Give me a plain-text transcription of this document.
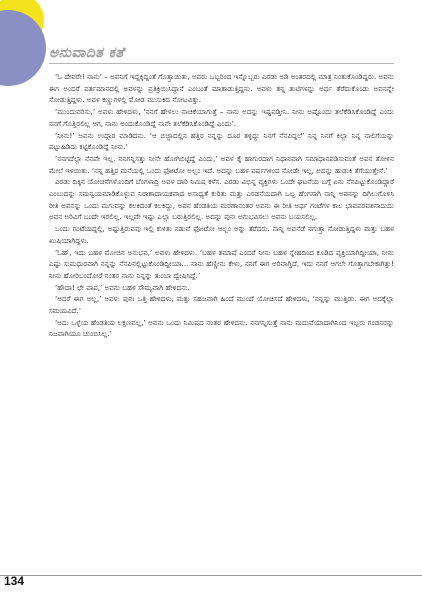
ಅನುವಾದಿತ ಕತೆ

‘ಓ ದೇವರೇ! ನಾನು’ – ಅವನಿಗೆ ಇದ್ದಕ್ಕಿದ್ದಂತೆ ಗೊತ್ತಾಯಿತು, ಅವರು ಒಬ್ಬರಿಂದ ಇನ್ನೊಬ್ಬರು ಎರಡು ಅಡಿ ಅಂತರದಲ್ಲಿ ಮಾತ್ರ ನಿಂತುಕೊಂಡಿದ್ದರು. ಅವನು ಈಗ ಅಂದರೆ ವರ್ತಮಾನದಲ್ಲಿ ಅವಳನ್ನು ಪ್ರತಿಕ್ರಿಯಿಸಿದ್ದಾನೆ ಎಂಬಂತೆ ಮಾತಾಡುತ್ತಿದ್ದನು. ಅವಳು ತನ್ನ ತುಟಿಗಳನ್ನು ಅರ್ಧ ತೆರೆದುಕೊಂಡು ಅವನನ್ನೇ ನೋಡುತ್ತಿದ್ದಳು. ಅವಳ ಕಣ್ಣುಗಳಲ್ಲಿ ಮೋಡ ಮುಸುಕಿದ ನೋಟವಿತ್ತು.

‘ಮುಂದುವರಿಸು,’ ಅವಳು ಹೇಳಿದಳು, ‘ನನಗೆ ಹೇಳಲು ನಾಚಿಕೆಯಾಗುತ್ತೆ – ನಾನು ಅದನ್ನು ಇಷ್ಟಪಡ್ತೀನಿ. ನೀನು ಅಷ್ಟೊಂದು ತಲೆಕೆಡಿಸಿಕೊಂಡಿದ್ದೆ ಎಂದು ನನಗೆ ಗೊತ್ತಿರಲಿಲ್ಲ ಆಗ, ನಾನು ಅಂದುಕೊಂಡಿದ್ದೆ ನಾನೇ ತಲೆಕೆಡಿಸಿಕೊಂಡಿದ್ದೆ ಎಂದು’.

‘ನೀನು!’ ಅವನು ಉದ್ಗಾರ ಮಾಡಿದನು. ‘ಆ ಬಿಜ್ಜಾದಲ್ಲಿನ ಹತ್ತಿರ ನನ್ನನ್ನು ದೂರ ತಳ್ಳಿದ್ದು ನಿನಗೆ ನೆನಪಿದ್ದಲೆ’ ನಿನ್ನ ನಿನಗೆ ಕಿಲ್ಲಾ ನಿನ್ನ ನಾಲಿಗೆಯನ್ನು ಪಟ್ಟುಹಿಡಿದು ಕಟ್ಟಿಕೊಂಡಿದ್ದೆ ನೀನು.’

‘ನನಗದೆಲ್ಲಾ ನೆನಪೇ ಇಲ್ಲ. ನನಗನ್ನಿಸತ್ತು ನೀನೇ ಹೋಗಿಬಿಟ್ಟಿದ್ದೆ ಎಂದು,’ ಅವಳ ಕೈ ಹಾಗುರದಾಗ ನಿಧಾನವಾಗಿ ಸಮಾಧಾನಪಡಿಸುವಂತೆ ಅವನ ತೋಳಿನ ಮೇಲೆ ಇಳಿಯಿತು. ‘ನನ್ನ ಹತ್ತಿರ ಮನೆಯಲ್ಲಿ ಒಂದು ಫೋಟೋ ಅಲ್ಬಂ ಇದೆ. ಅದನ್ನು ಬಹಳ ವರ್ಷಗಳಿಂದ ನೋಡೇ ಇಲ್ಲ, ಅದನ್ನು ಹುಡುಕಿ ತೆಗೆಯುತ್ತೇನೆ.’

ಎರಡು ದಿಕ್ಕಿನ ಯೋಚನೆಗಳೊಂದಿಗೆ ಬೆಂಗಳಾದ್ರಿ ಅವಳ ದಾರಿ ನಿಮಿಷ ಕಳೆಸ. ಎರಡು ವಿಭಿನ್ನ ವ್ಯಕ್ತಿಗಳು ಒಂದೇ ಘಟನೆಯ ಬಗ್ಗೆ ಏನು ನೆನಪಿಟ್ಟುಕೊಂಡಿದ್ದಾರೆ ಎಂಬುದನ್ನು ಸಮನ್ವಯಮಾಡಿಕೊಳ್ಳುವ ನಿರಾಶಾದಾಯಕವಾದ ಅಸಾಧ್ಯತೆ ಕುರಿತು ಮತ್ತು ಎರಡನೆಯದಾಗಿ ಒಬ್ಬ ಹೆಂಗಸಾಗಿ ನಾನ್ನಿ ಅವನನ್ನು ದಿಗಿಲುಗೊಳಿಸಿ ರೀತಿ ಅವನನ್ನು ಒಂದು ಮಗುವನ್ನು ಕಲಕಿದಂತೆ ಕಲಕಿದ್ದು, ಅವನ ಹೆಂಡತಿಯ ಮರಣಾನಂತರ ಅವನು ಈ ರೀತಿ ಅರ್ಧ ಗಂಟೆಗಳ ಕಾಲ ಭಾವಪರವಶನಾದುದು ಅವನ ಅರಿವಿಗೆ ಬಂದೇ ಇರಲಿಲ್ಲ. ಇಲ್ಲವೇ ಇಷ್ಟು ಎಲ್ಲಾ ಬರುತ್ತಿರಲಿಲ್ಲ. ಅದನ್ನು ಪುನಃ ಅನುಭವಿಸಲು ಅವನು ಬಯಸಲಿಲ್ಲ.

ಒಂದು ಗಂಟೆಯದ್ದಲ್ಲಿ, ಅಷ್ಟುತ್ತಿರುವವು ಇಲ್ಲಿ ಕುಳಿತು ನಡುವೆ ಫೋಟೋ ಆಲ್ಬಂ ಅನ್ನು ತೆರೆದರು. ನಾನ್ನಿ ಅವನೆಡೆ ನಗುತ್ತಾ ನೋಡುತ್ತಿದ್ದಳು ಮತ್ತು ಬಹಳ ಖುಷಿಯಾಗಿದ್ದಳು.

‘ಓಹ್, ಇದು ಬಹಳ ಮೋಜಿನ ಅನುಭವ,’ ಅವಳು ಹೇಳಿದಳು. ‘ಬಹಳ ತಮಾಷೆ ಎಂದರೆ ನೀನು ಬಹಳ ಸ್ನೇಹದಿಂದ ಕೂಡಿದ ವ್ಯಕ್ತಿಯಾಗಿದ್ದೀಯಾ, ನೀನು ಎಷ್ಟು ಸುಮಧುರವಾಗಿ ನನ್ನನ್ನು ನೆನಪಿನಲ್ಲಿಟ್ಟುಕೊಂಡಿದ್ದೀಯಾ... ನಾನು ಹೆಣ್ಣೀನು ಕೇಳು, ನನಗೆ ಈಗ ಅರಿವಾಗ್ತಿದೆ, ಇದು ನನಗೆ ಆಗಲೇ ಗೊತ್ತಾಗಬೇಕಾಗಿತ್ತು! ನೀನು ಹೋರಿಬಂದೋರೆ ನಂತರ ನಾನು ನಿನ್ನನ್ನು ತುಂಬಾ ದ್ವೇಷಿಸಿದ್ದೆ.’

‘ಹೌದಾ! ಛೇ ಪಾಪ,’ ಅವನು ಬಹಳ ಸೌಮ್ಯವಾಗಿ ಹೇಳಿದನು.

‘ಆದರೆ ಈಗ ಅಲ್ಲ,’ ಅವಳು ಪುನಃ ಒತ್ತಿ ಹೇಳಿದಳು, ಮತ್ತು ಸಹಜವಾಗಿ ಹಿಂದೆ ಮುಂದೆ ಯೋಚಿಸದೆ ಹೇಳಿದಳು, ‘ನನ್ನನ್ನು ಮುತ್ತಿಡು. ಈಗ ಅದಕ್ಕೆಲ್ಲಾ ಸಮಯವಿದೆ.’

‘ಅದು ಒಳ್ಳೆಯ ಹೆಂಡತಿಯ ಲಕ್ಷಣವಲ್ಲ,’ ಅವನು ಒಂದು ನಿಮಿಷದ ನಂತರ ಹೇಳಿದನು. ನನಗನ್ನಿಸುತ್ತೆ ನಾನು ಮದುವೆಯಾದಾಗಿನಿಂದ ಇಬ್ಬರು ಗಂಡಸರನ್ನು ನಿಜವಾಗಿಯೂ ಚುಂಬಿಸಿಲ್ಲ.’

134
